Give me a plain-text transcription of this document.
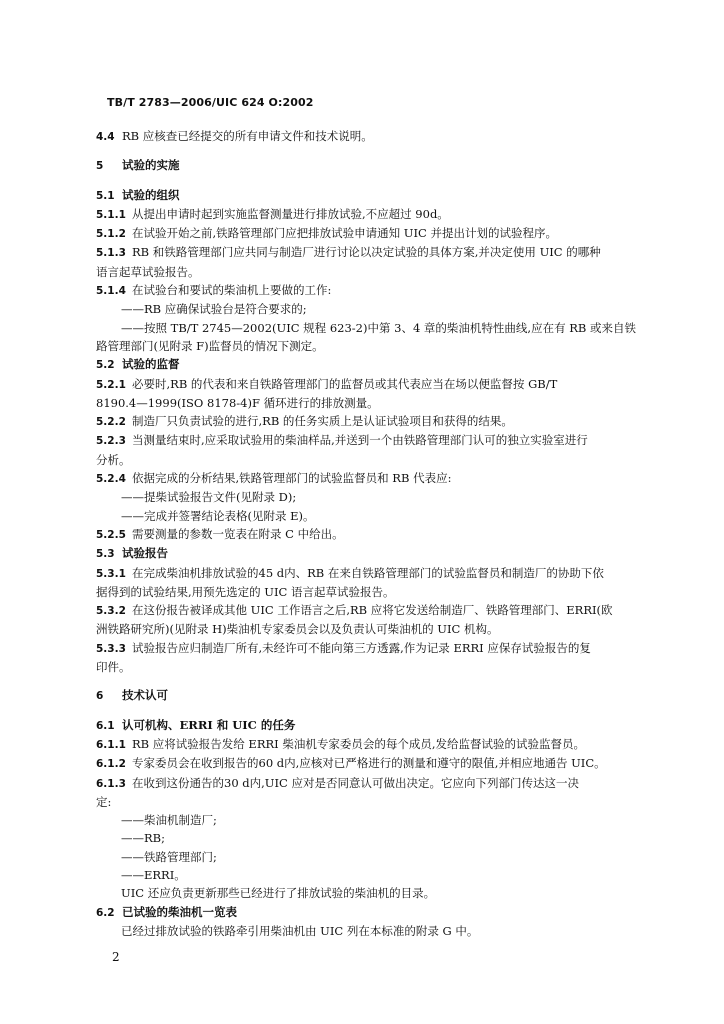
TB/T 2783—2006/UIC 624 O:2002
4.4 RB 应核查已经提交的所有申请文件和技术说明。
5 试验的实施
5.1 试验的组织
5.1.1 从提出申请时起到实施监督测量进行排放试验,不应超过 90d。
5.1.2 在试验开始之前,铁路管理部门应把排放试验申请通知 UIC 并提出计划的试验程序。
5.1.3 RB 和铁路管理部门应共同与制造厂进行讨论以决定试验的具体方案,并决定使用 UIC 的哪种
语言起草试验报告。
5.1.4 在试验台和要试的柴油机上要做的工作:
——RB 应确保试验台是符合要求的;
——按照 TB/T 2745—2002(UIC 规程 623-2)中第 3、4 章的柴油机特性曲线,应在有 RB 或来自铁
路管理部门(见附录 F)监督员的情况下测定。
5.2 试验的监督
5.2.1 必要时,RB 的代表和来自铁路管理部门的监督员或其代表应当在场以便监督按 GB/T
8190.4—1999(ISO 8178-4)F 循环进行的排放测量。
5.2.2 制造厂只负责试验的进行,RB 的任务实质上是认证试验项目和获得的结果。
5.2.3 当测量结束时,应采取试验用的柴油样品,并送到一个由铁路管理部门认可的独立实验室进行
分析。
5.2.4 依据完成的分析结果,铁路管理部门的试验监督员和 RB 代表应:
——提柴试验报告文件(见附录 D);
——完成并签署结论表格(见附录 E)。
5.2.5 需要测量的参数一览表在附录 C 中给出。
5.3 试验报告
5.3.1 在完成柴油机排放试验的45 d内、RB 在来自铁路管理部门的试验监督员和制造厂的协助下依
据得到的试验结果,用预先选定的 UIC 语言起草试验报告。
5.3.2 在这份报告被译成其他 UIC 工作语言之后,RB 应将它发送给制造厂、铁路管理部门、ERRI(欧
洲铁路研究所)(见附录 H)柴油机专家委员会以及负责认可柴油机的 UIC 机构。
5.3.3 试验报告应归制造厂所有,未经许可不能向第三方透露,作为记录 ERRI 应保存试验报告的复
印件。
6 技术认可
6.1 认可机构、ERRI 和 UIC 的任务
6.1.1 RB 应将试验报告发给 ERRI 柴油机专家委员会的每个成员,发给监督试验的试验监督员。
6.1.2 专家委员会在收到报告的60 d内,应核对已严格进行的测量和遵守的限值,并相应地通告 UIC。
6.1.3 在收到这份通告的30 d内,UIC 应对是否同意认可做出决定。它应向下列部门传达这一决
定:
——柴油机制造厂;
——RB;
——铁路管理部门;
——ERRI。
UIC 还应负责更新那些已经进行了排放试验的柴油机的目录。
6.2 已试验的柴油机一览表
已经过排放试验的铁路牵引用柴油机由 UIC 列在本标准的附录 G 中。
2
